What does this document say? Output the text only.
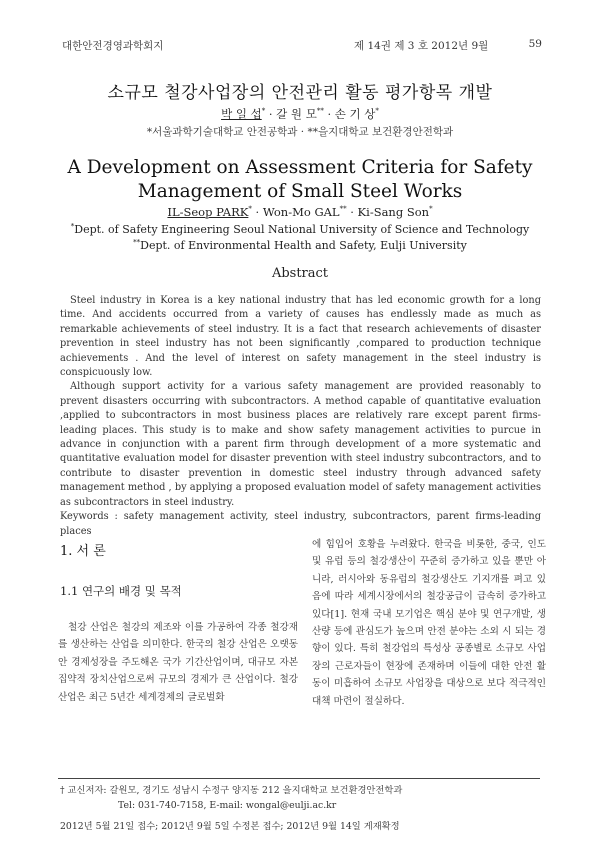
대한안전경영과학회지	제 14권 제 3 호 2012년 9월	59
소규모 철강사업장의 안전관리 활동 평가항목 개발
박 일 섭* · 갈 원 모** · 손 기 상*
*서울과학기술대학교 안전공학과 · **을지대학교 보건환경안전학과
A Development on Assessment Criteria for Safety Management of Small Steel Works
IL-Seop PARK* · Won-Mo GAL** · Ki-Sang Son*
*Dept. of Safety Engineering Seoul National University of Science and Technology
**Dept. of Environmental Health and Safety, Eulji University
Abstract

Steel industry in Korea is a key national industry that has led economic growth for a long time. And accidents occurred from a variety of causes has endlessly made as much as remarkable achievements of steel industry. It is a fact that research achievements of disaster prevention in steel industry has not been significantly ,compared to production technique achievements . And the level of interest on safety management in the steel industry is conspicuously low.

Although support activity for a various safety management are provided reasonably to prevent disasters occurring with subcontractors. A method capable of quantitative evaluation ,applied to subcontractors in most business places are relatively rare except parent firms-leading places. This study is to make and show safety management activities to purcue in advance in conjunction with a parent firm through development of a more systematic and quantitative evaluation model for disaster prevention with steel industry subcontractors, and to contribute to disaster prevention in domestic steel industry through advanced safety management method , by applying a proposed evaluation model of safety management activities as subcontractors in steel industry.

Keywords : safety management activity, steel industry, subcontractors, parent firms-leading places

1. 서 론
1.1 연구의 배경 및 목적

철강 산업은 철강의 제조와 이를 가공하여 각종 철강재를 생산하는 산업을 의미한다. 한국의 철강 산업은 오랫동안 경제성장을 주도해온 국가 기간산업이며, 대규모 자본집약적 장치산업으로써 규모의 경제가 큰 산업이다. 철강 산업은 최근 5년간 세계경제의 글로벌화

에 힘입어 호황을 누려왔다. 한국을 비롯한, 중국, 인도 및 유럽 등의 철강생산이 꾸준히 증가하고 있을 뿐만 아니라, 러시아와 동유럽의 철강생산도 기지개를 펴고 있음에 따라 세계시장에서의 철강공급이 급속히 증가하고 있다[1]. 현재 국내 모기업은 핵심 분야 및 연구개발, 생산량 등에 관심도가 높으며 안전 분야는 소외 시 되는 경향이 있다. 특히 철강업의 특성상 공종별로 소규모 사업장의 근로자들이 현장에 존재하며 이들에 대한 안전 활동이 미흡하여 소규모 사업장을 대상으로 보다 적극적인 대책 마련이 절실하다.

† 교신저자: 갈원모, 경기도 성남시 수정구 양지동 212 을지대학교 보건환경안전학과
Tel: 031-740-7158, E-mail: wongal@eulji.ac.kr
2012년 5월 21일 접수; 2012년 9월 5일 수정본 접수; 2012년 9월 14일 게재확정
